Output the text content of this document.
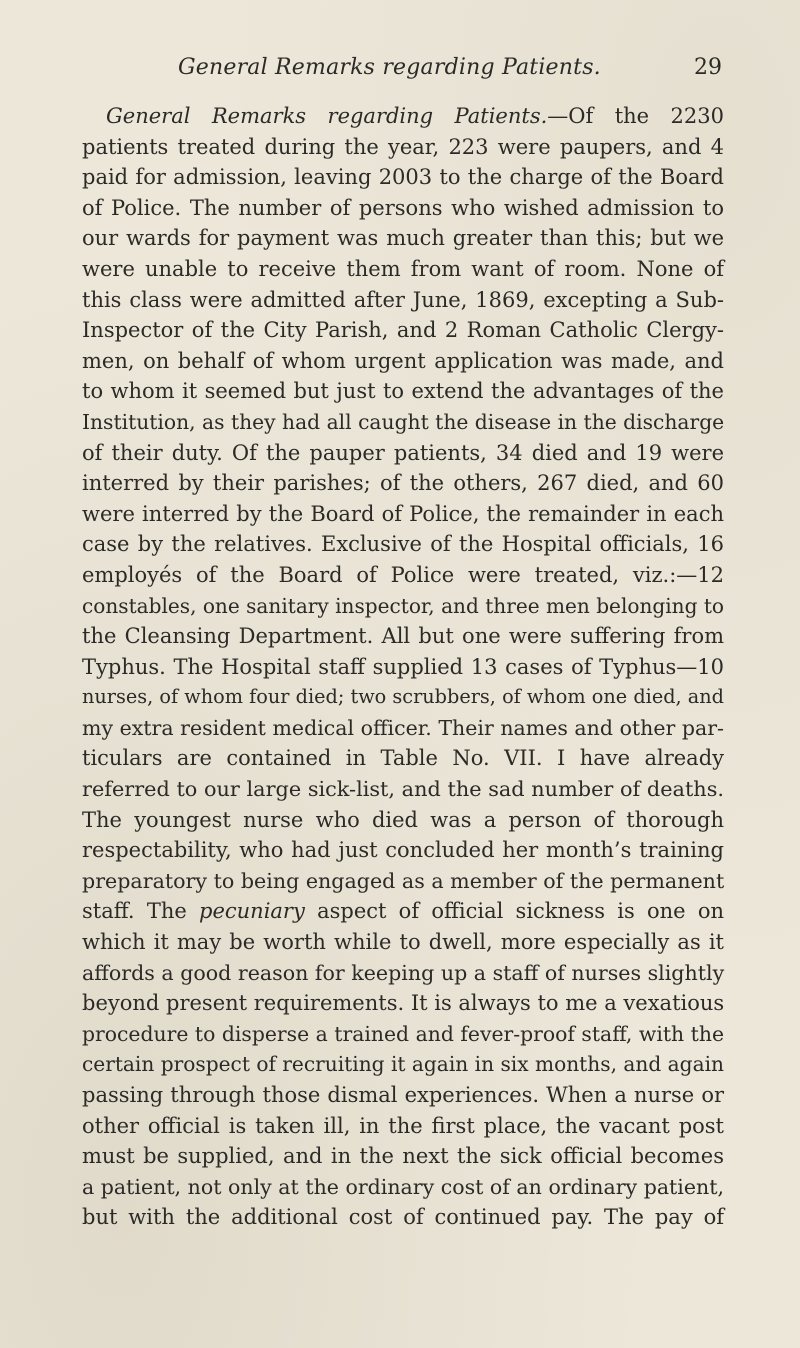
General Remarks regarding Patients.	29
General Remarks regarding Patients.—Of the 2230
patients treated during the year, 223 were paupers, and 4
paid for admission, leaving 2003 to the charge of the Board
of Police. The number of persons who wished admission to
our wards for payment was much greater than this; but we
were unable to receive them from want of room. None of
this class were admitted after June, 1869, excepting a Sub-
Inspector of the City Parish, and 2 Roman Catholic Clergy-
men, on behalf of whom urgent application was made, and
to whom it seemed but just to extend the advantages of the
Institution, as they had all caught the disease in the discharge
of their duty. Of the pauper patients, 34 died and 19 were
interred by their parishes; of the others, 267 died, and 60
were interred by the Board of Police, the remainder in each
case by the relatives. Exclusive of the Hospital officials, 16
employés of the Board of Police were treated, viz.:—12
constables, one sanitary inspector, and three men belonging to
the Cleansing Department. All but one were suffering from
Typhus. The Hospital staff supplied 13 cases of Typhus—10
nurses, of whom four died; two scrubbers, of whom one died, and
my extra resident medical officer. Their names and other par-
ticulars are contained in Table No. VII. I have already
referred to our large sick-list, and the sad number of deaths.
The youngest nurse who died was a person of thorough
respectability, who had just concluded her month’s training
preparatory to being engaged as a member of the permanent
staff. The pecuniary aspect of official sickness is one on
which it may be worth while to dwell, more especially as it
affords a good reason for keeping up a staff of nurses slightly
beyond present requirements. It is always to me a vexatious
procedure to disperse a trained and fever-proof staff, with the
certain prospect of recruiting it again in six months, and again
passing through those dismal experiences. When a nurse or
other official is taken ill, in the first place, the vacant post
must be supplied, and in the next the sick official becomes
a patient, not only at the ordinary cost of an ordinary patient,
but with the additional cost of continued pay. The pay of
